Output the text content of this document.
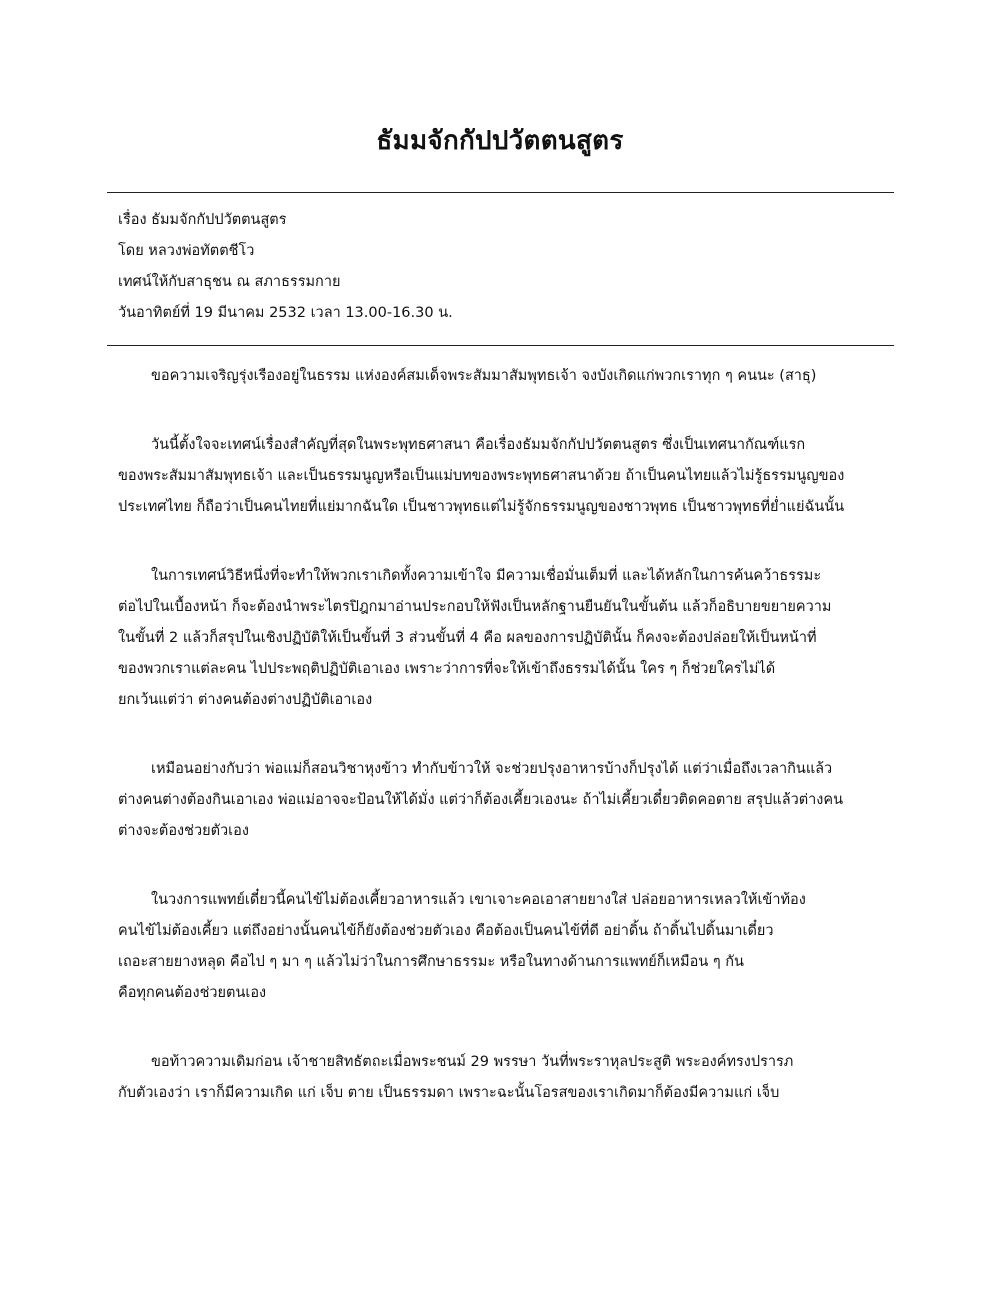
ธัมมจักกัปปวัตตนสูตร
เรื่อง ธัมมจักกัปปวัตตนสูตร
โดย หลวงพ่อทัตตชีโว
เทศน์ให้กับสาธุชน ณ สภาธรรมกาย
วันอาทิตย์ที่ 19 มีนาคม 2532 เวลา 13.00-16.30 น.
ขอความเจริญรุ่งเรืองอยู่ในธรรม แห่งองค์สมเด็จพระสัมมาสัมพุทธเจ้า จงบังเกิดแก่พวกเราทุก ๆ คนนะ (สาธุ)
วันนี้ตั้งใจจะเทศน์เรื่องสำคัญที่สุดในพระพุทธศาสนา คือเรื่องธัมมจักกัปปวัตตนสูตร ซึ่งเป็นเทศนากัณฑ์แรก
ของพระสัมมาสัมพุทธเจ้า และเป็นธรรมนูญหรือเป็นแม่บทของพระพุทธศาสนาด้วย ถ้าเป็นคนไทยแล้วไม่รู้ธรรมนูญของ
ประเทศไทย ก็ถือว่าเป็นคนไทยที่แย่มากฉันใด เป็นชาวพุทธแต่ไม่รู้จักธรรมนูญของชาวพุทธ เป็นชาวพุทธที่ย่ำแย่ฉันนั้น
ในการเทศน์วิธีหนึ่งที่จะทำให้พวกเราเกิดทั้งความเข้าใจ มีความเชื่อมั่นเต็มที่ และได้หลักในการค้นคว้าธรรมะ
ต่อไปในเบื้องหน้า ก็จะต้องนำพระไตรปิฎกมาอ่านประกอบให้ฟังเป็นหลักฐานยืนยันในขั้นต้น แล้วก็อธิบายขยายความ
ในขั้นที่ 2 แล้วก็สรุปในเชิงปฏิบัติให้เป็นขั้นที่ 3 ส่วนขั้นที่ 4 คือ ผลของการปฏิบัตินั้น ก็คงจะต้องปล่อยให้เป็นหน้าที่
ของพวกเราแต่ละคน ไปประพฤติปฏิบัติเอาเอง เพราะว่าการที่จะให้เข้าถึงธรรมได้นั้น ใคร ๆ ก็ช่วยใครไม่ได้
ยกเว้นแต่ว่า ต่างคนต้องต่างปฏิบัติเอาเอง
เหมือนอย่างกับว่า พ่อแม่ก็สอนวิชาหุงข้าว ทำกับข้าวให้ จะช่วยปรุงอาหารบ้างก็ปรุงได้ แต่ว่าเมื่อถึงเวลากินแล้ว
ต่างคนต่างต้องกินเอาเอง พ่อแม่อาจจะป้อนให้ได้มั่ง แต่ว่าก็ต้องเคี้ยวเองนะ ถ้าไม่เคี้ยวเดี๋ยวติดคอตาย สรุปแล้วต่างคน
ต่างจะต้องช่วยตัวเอง
ในวงการแพทย์เดี๋ยวนี้คนไข้ไม่ต้องเคี้ยวอาหารแล้ว เขาเจาะคอเอาสายยางใส่ ปล่อยอาหารเหลวให้เข้าท้อง
คนไข้ไม่ต้องเคี้ยว แต่ถึงอย่างนั้นคนไข้ก็ยังต้องช่วยตัวเอง คือต้องเป็นคนไข้ที่ดี อย่าดิ้น ถ้าดิ้นไปดิ้นมาเดี๋ยว
เถอะสายยางหลุด คือไป ๆ มา ๆ แล้วไม่ว่าในการศึกษาธรรมะ หรือในทางด้านการแพทย์ก็เหมือน ๆ กัน
คือทุกคนต้องช่วยตนเอง
ขอท้าวความเดิมก่อน เจ้าชายสิทธัตถะเมื่อพระชนม์ 29 พรรษา วันที่พระราหุลประสูติ พระองค์ทรงปรารภ
กับตัวเองว่า เราก็มีความเกิด แก่ เจ็บ ตาย เป็นธรรมดา เพราะฉะนั้นโอรสของเราเกิดมาก็ต้องมีความแก่ เจ็บ
